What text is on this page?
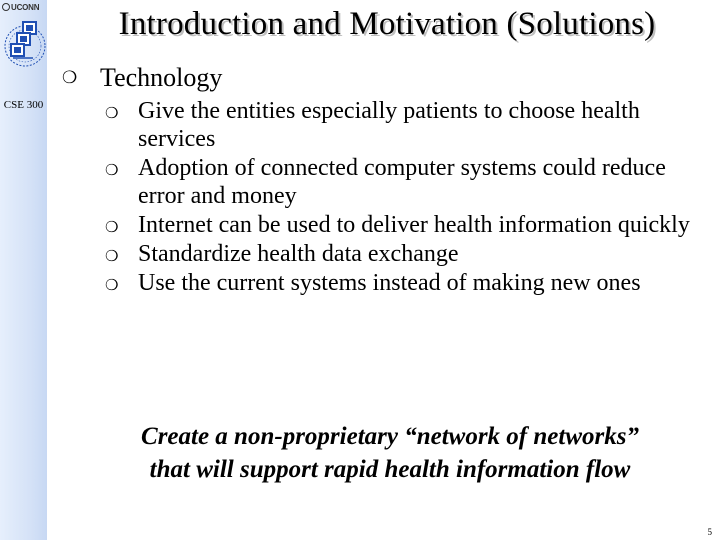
UCONN
CSE 300
Introduction and Motivation (Solutions)
❍ Technology
❍ Give the entities especially patients to choose health services
❍ Adoption of connected computer systems could reduce error and money
❍ Internet can be used to deliver health information quickly
❍ Standardize health data exchange
❍ Use the current systems instead of making new ones
Create a non-proprietary “network of networks”
that will support rapid health information flow
5
